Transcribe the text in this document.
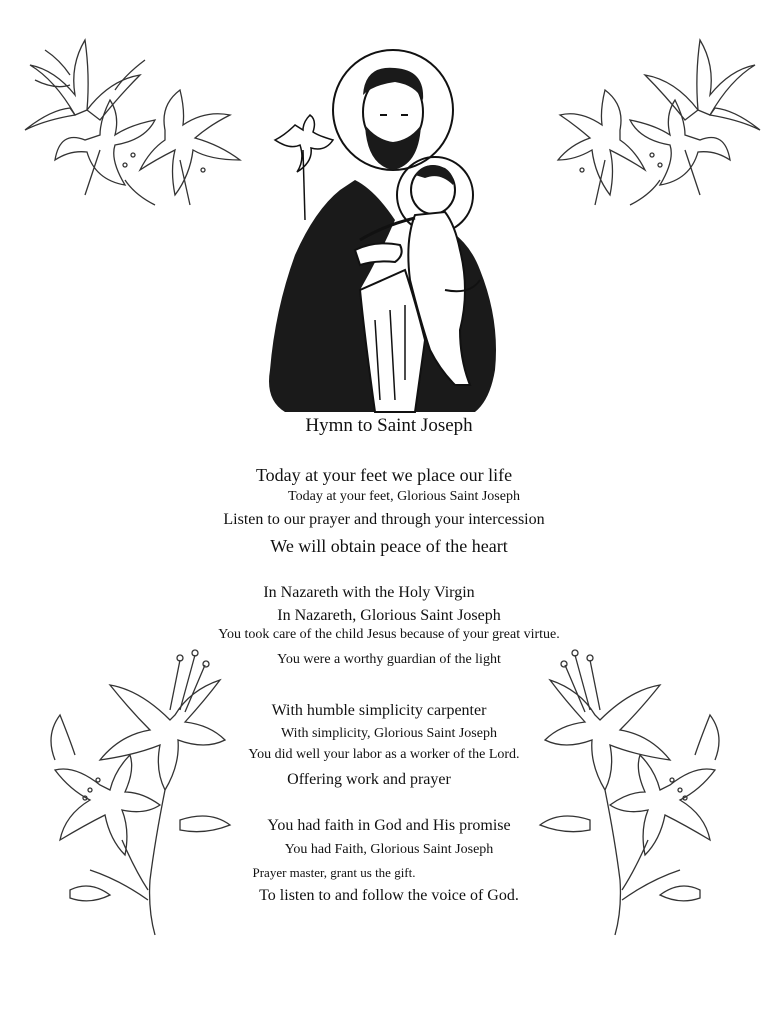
Hymn to Saint Joseph
Today at your feet we place our life
Today at your feet, Glorious Saint Joseph
Listen to our prayer and through your intercession
We will obtain peace of the heart
In Nazareth with the Holy Virgin
In Nazareth, Glorious Saint Joseph
You took care of the child Jesus because of your great virtue.
You were a worthy guardian of the light
With humble simplicity carpenter
With simplicity, Glorious Saint Joseph
You did well your labor as a worker of the Lord.
Offering work and prayer
You had faith in God and His promise
You had Faith, Glorious Saint Joseph
Prayer master, grant us the gift.
To listen to and follow the voice of God.
